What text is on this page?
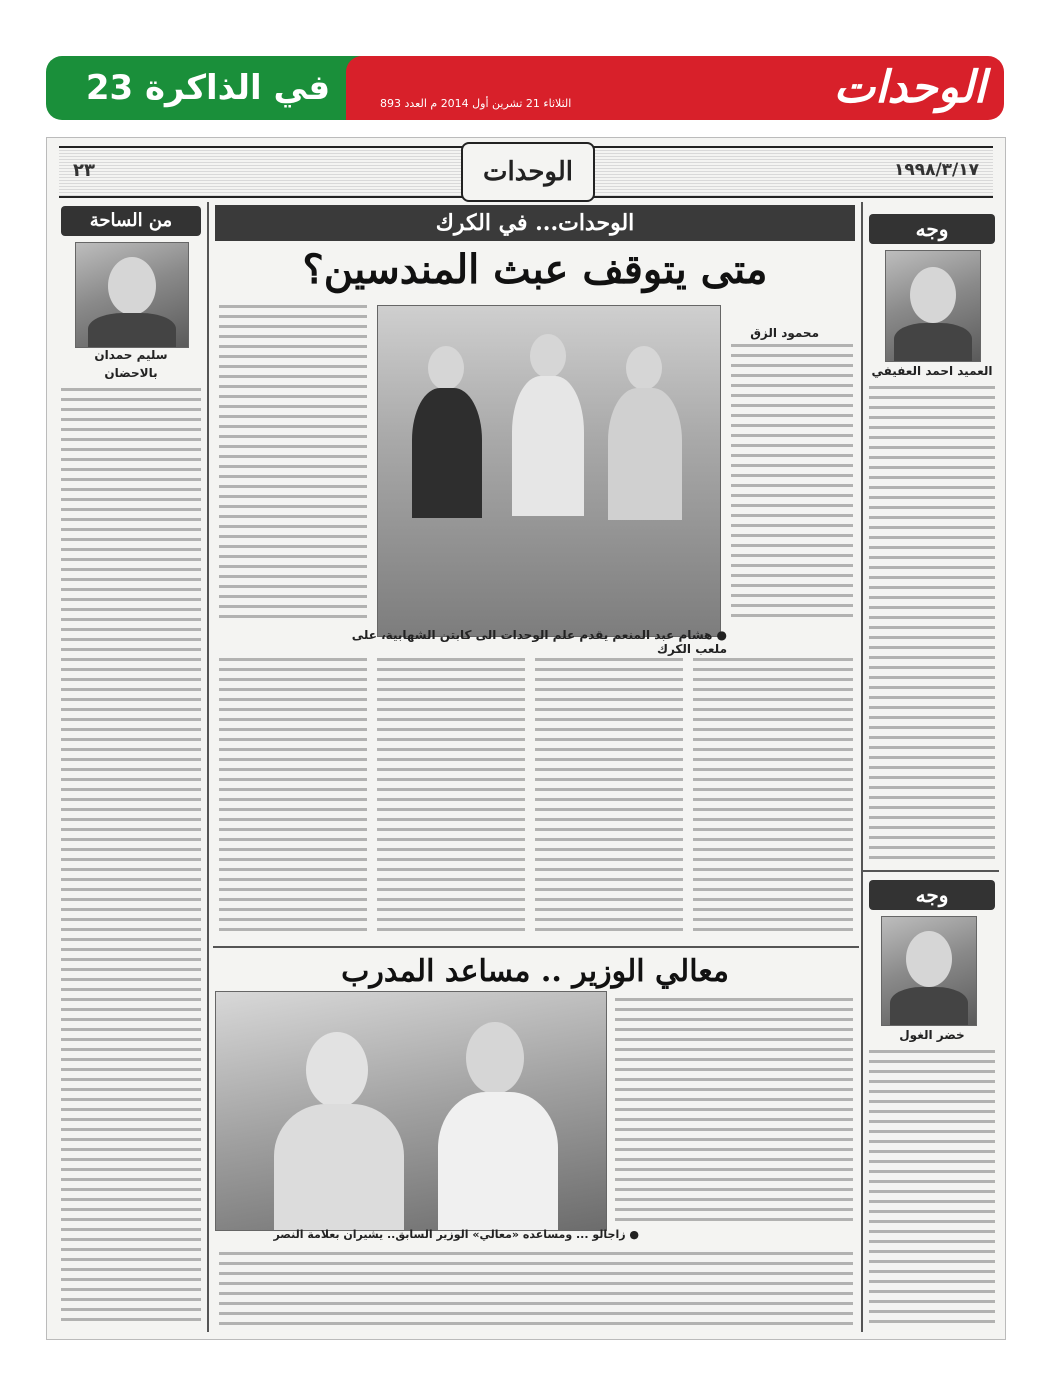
في الذاكرة 23	الوحدات
الثلاثاء 21 تشرين أول 2014 م العدد 893
٢٣	الوحدات	١٩٩٨/٣/١٧
من الساحة
سليم حمدان
بالاحضان
وجه
العميد احمد العفيفي
وجه
خضر الغول
الوحدات... في الكرك
متى يتوقف عبث المندسين؟
محمود الزق
● هشام عبد المنعم يقدم علم الوحدات الى كابتن الشهابية، على ملعب الكرك
معالي الوزير .. مساعد المدرب
● زاجالو ... ومساعده «معالي» الوزير السابق.. يشيران بعلامة النصر
